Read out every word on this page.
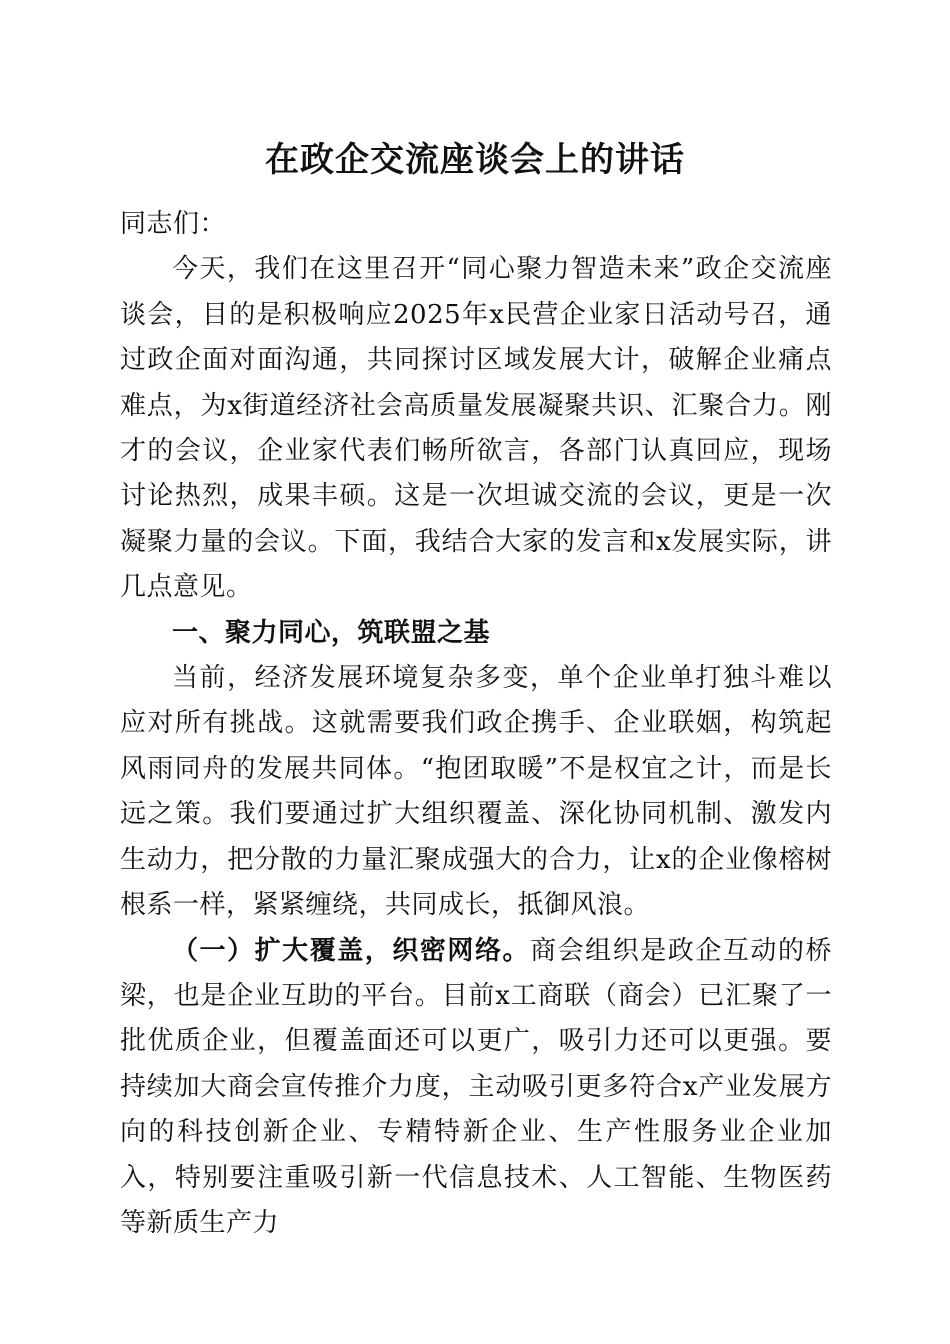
在政企交流座谈会上的讲话

同志们：

今天，我们在这里召开“同心聚力智造未来”政企交流座谈会，目的是积极响应2025年x民营企业家日活动号召，通过政企面对面沟通，共同探讨区域发展大计，破解企业痛点难点，为x街道经济社会高质量发展凝聚共识、汇聚合力。刚才的会议，企业家代表们畅所欲言，各部门认真回应，现场讨论热烈，成果丰硕。这是一次坦诚交流的会议，更是一次凝聚力量的会议。下面，我结合大家的发言和x发展实际，讲几点意见。

一、聚力同心，筑联盟之基

当前，经济发展环境复杂多变，单个企业单打独斗难以应对所有挑战。这就需要我们政企携手、企业联姻，构筑起风雨同舟的发展共同体。“抱团取暖”不是权宜之计，而是长远之策。我们要通过扩大组织覆盖、深化协同机制、激发内生动力，把分散的力量汇聚成强大的合力，让x的企业像榕树根系一样，紧紧缠绕，共同成长，抵御风浪。

（一）扩大覆盖，织密网络。商会组织是政企互动的桥梁，也是企业互助的平台。目前x工商联（商会）已汇聚了一批优质企业，但覆盖面还可以更广，吸引力还可以更强。要持续加大商会宣传推介力度，主动吸引更多符合x产业发展方向的科技创新企业、专精特新企业、生产性服务业企业加入，特别要注重吸引新一代信息技术、人工智能、生物医药等新质生产力
